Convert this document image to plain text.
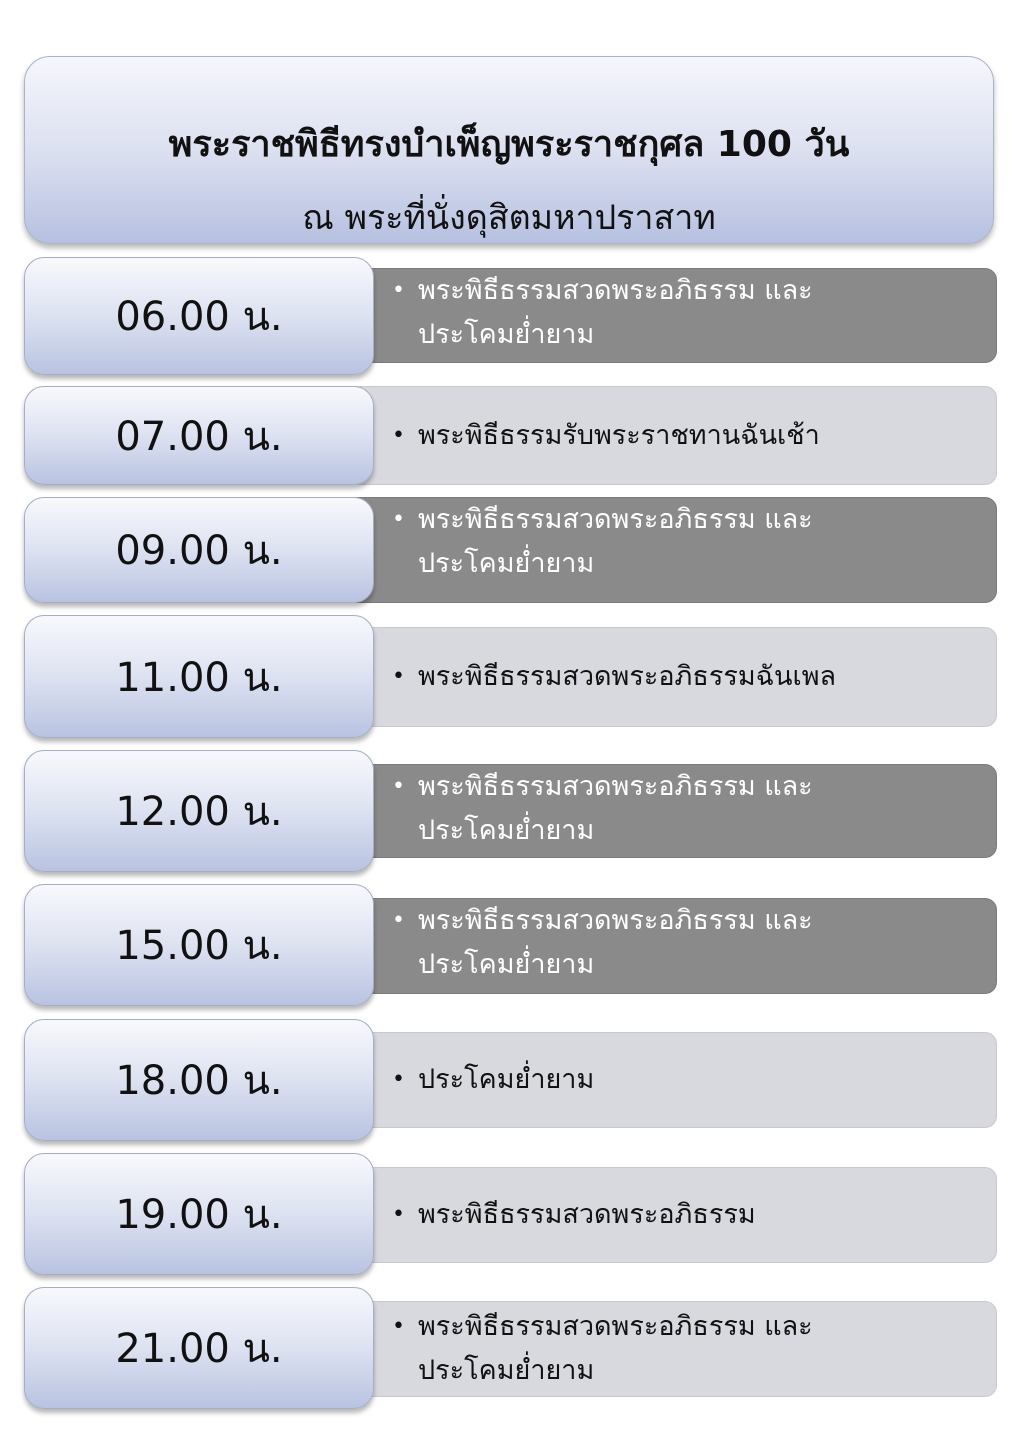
พระราชพิธีทรงบำเพ็ญพระราชกุศล 100 วัน
ณ พระที่นั่งดุสิตมหาปราสาท
• พระพิธีธรรมสวดพระอภิธรรม และ
ประโคมย่ำยาม
06.00 น.
• พระพิธีธรรมรับพระราชทานฉันเช้า
07.00 น.
• พระพิธีธรรมสวดพระอภิธรรม และ
ประโคมย่ำยาม
09.00 น.
• พระพิธีธรรมสวดพระอภิธรรมฉันเพล
11.00 น.
• พระพิธีธรรมสวดพระอภิธรรม และ
ประโคมย่ำยาม
12.00 น.
• พระพิธีธรรมสวดพระอภิธรรม และ
ประโคมย่ำยาม
15.00 น.
• ประโคมย่ำยาม
18.00 น.
• พระพิธีธรรมสวดพระอภิธรรม
19.00 น.
• พระพิธีธรรมสวดพระอภิธรรม และ
ประโคมย่ำยาม
21.00 น.
